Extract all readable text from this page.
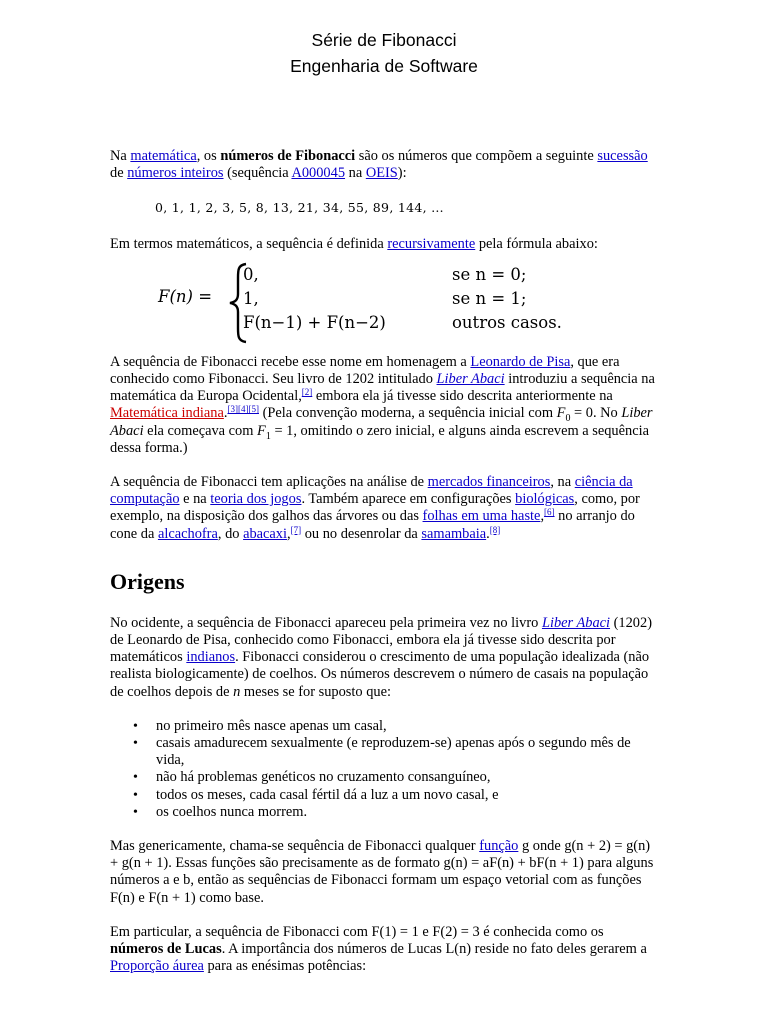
Série de Fibonacci
Engenharia de Software

Na matemática, os números de Fibonacci são os números que compõem a seguinte sucessão de números inteiros (sequência A000045 na OEIS):

0, 1, 1, 2, 3, 5, 8, 13, 21, 34, 55, 89, 144, …

Em termos matemáticos, a sequência é definida recursivamente pela fórmula abaixo:

F(n) =
0,
1,
F(n−1) + F(n−2)
se n = 0;
se n = 1;
outros casos.

A sequência de Fibonacci recebe esse nome em homenagem a Leonardo de Pisa, que era conhecido como Fibonacci. Seu livro de 1202 intitulado Liber Abaci introduziu a sequência na matemática da Europa Ocidental,[2] embora ela já tivesse sido descrita anteriormente na Matemática indiana.[3][4][5] (Pela convenção moderna, a sequência inicial com $F_0 = 0$. No Liber Abaci ela começava com $F_1 = 1$, omitindo o zero inicial, e alguns ainda escrevem a sequência dessa forma.)

A sequência de Fibonacci tem aplicações na análise de mercados financeiros, na ciência da computação e na teoria dos jogos. Também aparece em configurações biológicas, como, por exemplo, na disposição dos galhos das árvores ou das folhas em uma haste,[6] no arranjo do cone da alcachofra, do abacaxi,[7] ou no desenrolar da samambaia.[8]

Origens

No ocidente, a sequência de Fibonacci apareceu pela primeira vez no livro Liber Abaci (1202) de Leonardo de Pisa, conhecido como Fibonacci, embora ela já tivesse sido descrita por matemáticos indianos. Fibonacci considerou o crescimento de uma população idealizada (não realista biologicamente) de coelhos. Os números descrevem o número de casais na população de coelhos depois de n meses se for suposto que:

• no primeiro mês nasce apenas um casal,
• casais amadurecem sexualmente (e reproduzem-se) apenas após o segundo mês de vida,
• não há problemas genéticos no cruzamento consanguíneo,
• todos os meses, cada casal fértil dá a luz a um novo casal, e
• os coelhos nunca morrem.

Mas genericamente, chama-se sequência de Fibonacci qualquer função g onde g(n + 2) = g(n) + g(n + 1). Essas funções são precisamente as de formato g(n) = aF(n) + bF(n + 1) para alguns números a e b, então as sequências de Fibonacci formam um espaço vetorial com as funções F(n) e F(n + 1) como base.

Em particular, a sequência de Fibonacci com F(1) = 1 e F(2) = 3 é conhecida como os números de Lucas. A importância dos números de Lucas L(n) reside no fato deles gerarem a Proporção áurea para as enésimas potências:
